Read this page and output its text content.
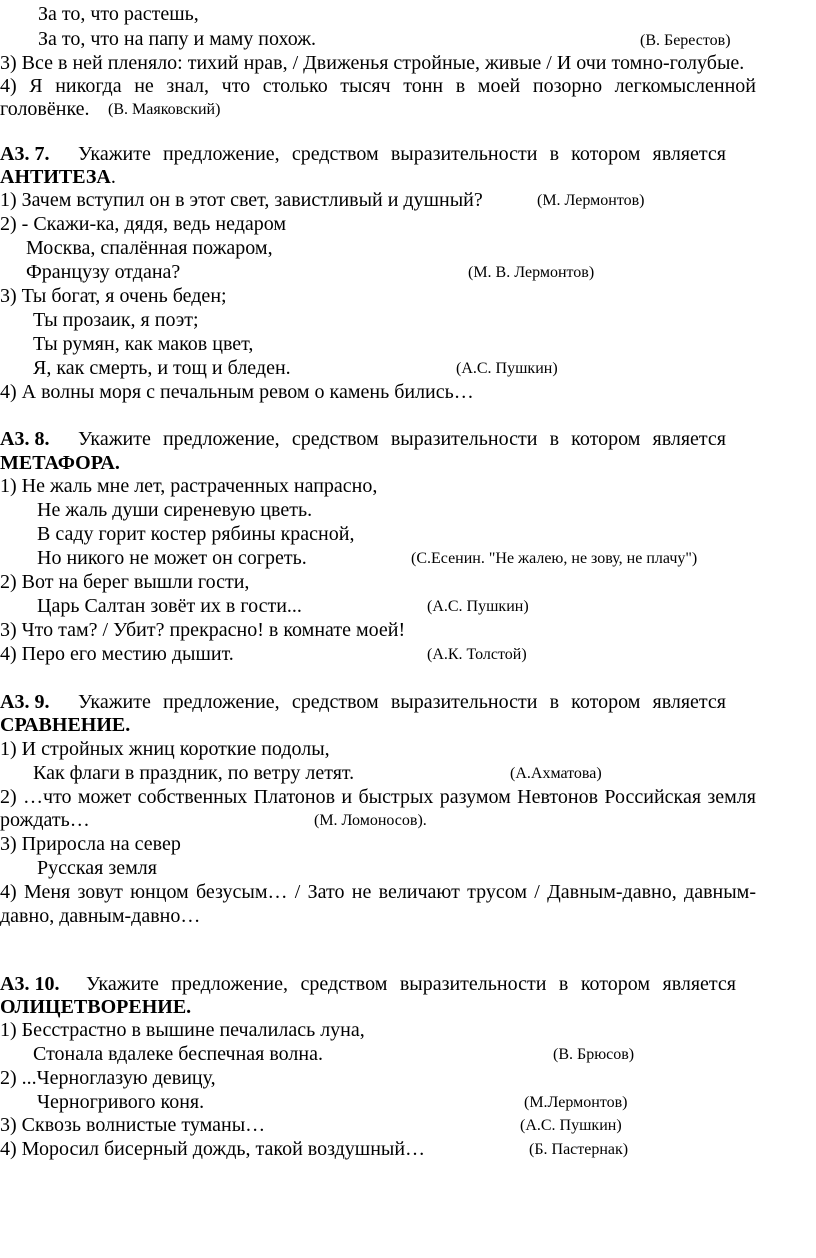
За то, что растешь,
За то, что на папу и маму похож.	(В. Берестов)
3) Все в ней пленяло: тихий нрав, / Движенья стройные, живые / И очи томно-голубые.
4) Я никогда не знал, что столько тысяч тонн в моей позорно легкомысленной
головёнке. (В. Маяковский)
А3. 7. Укажите предложение, средством выразительности в котором является
АНТИТЕЗА.
1) Зачем вступил он в этот свет, завистливый и душный?	(М. Лермонтов)
2) - Скажи-ка, дядя, ведь недаром
Москва, спалённая пожаром,
Французу отдана?	(М. В. Лермонтов)
3) Ты богат, я очень беден;
Ты прозаик, я поэт;
Ты румян, как маков цвет,
Я, как смерть, и тощ и бледен.	(А.С. Пушкин)
4) А волны моря с печальным ревом о камень бились…
А3. 8. Укажите предложение, средством выразительности в котором является
МЕТАФОРА.
1) Не жаль мне лет, растраченных напрасно,
Не жаль души сиреневую цветь.
В саду горит костер рябины красной,
Но никого не может он согреть.	(С.Есенин. "Не жалею, не зову, не плачу")
2) Вот на берег вышли гости,
Царь Салтан зовёт их в гости...	(А.С. Пушкин)
3) Что там? / Убит? прекрасно! в комнате моей!
4) Перо его местию дышит.	(А.К. Толстой)
А3. 9. Укажите предложение, средством выразительности в котором является
СРАВНЕНИЕ.
1) И стройных жниц короткие подолы,
Как флаги в праздник, по ветру летят.	(А.Ахматова)
2) …что может собственных Платонов и быстрых разумом Невтонов Российская земля
рождать…	(М. Ломоносов).
3) Приросла на север
Русская земля
4) Меня зовут юнцом безусым… / Зато не величают трусом / Давным-давно, давным-
давно, давным-давно…
А3. 10. Укажите предложение, средством выразительности в котором является
ОЛИЦЕТВОРЕНИЕ.
1) Бесстрастно в вышине печалилась луна,
Стонала вдалеке беспечная волна.	(В. Брюсов)
2) ...Черноглазую девицу,
Черногривого коня.	(М.Лермонтов)
3) Сквозь волнистые туманы…	(А.С. Пушкин)
4) Моросил бисерный дождь, такой воздушный…	(Б. Пастернак)
